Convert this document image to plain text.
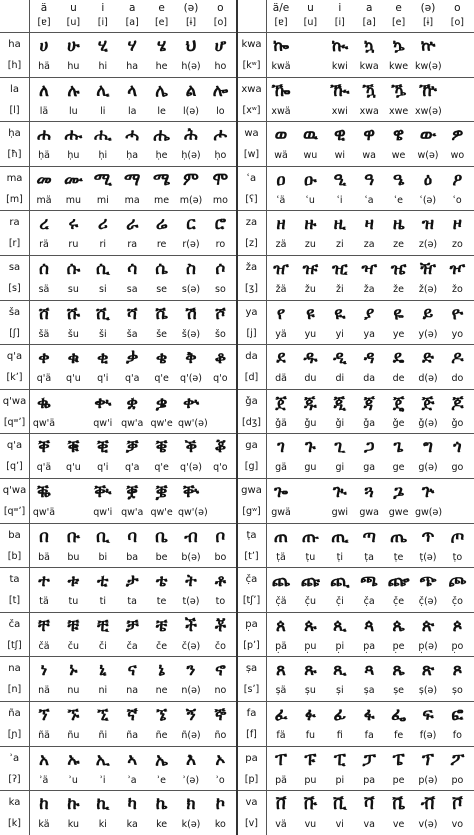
ä
[ɐ]
u
[u]
i
[i]
a
[a]
e
[e]
(ə)
[ɨ]
o
[o]
ha
[h]
ሀ
hä
ሁ
hu
ሂ
hi
ሃ
ha
ሄ
he
ህ
h(ə)
ሆ
ho
la
[l]
ለ
lä
ሉ
lu
ሊ
li
ላ
la
ሌ
le
ል
l(ə)
ሎ
lo
ḥa
[ħ]
ሐ
ḥä
ሑ
ḥu
ሒ
ḥi
ሓ
ḥa
ሔ
ḥe
ሕ
ḥ(ə)
ሖ
ḥo
ma
[m]
መ
mä
ሙ
mu
ሚ
mi
ማ
ma
ሜ
me
ም
m(ə)
ሞ
mo
ra
[r]
ረ
rä
ሩ
ru
ሪ
ri
ራ
ra
ሬ
re
ር
r(ə)
ሮ
ro
sa
[s]
ሰ
sä
ሱ
su
ሲ
si
ሳ
sa
ሴ
se
ስ
s(ə)
ሶ
so
ša
[ʃ]
ሸ
šä
ሹ
šu
ሺ
ši
ሻ
ša
ሼ
še
ሽ
š(ə)
ሾ
šo
q'a
[kʼ]
ቀ
q'ä
ቁ
q'u
ቂ
q'i
ቃ
q'a
ቄ
q'e
ቅ
q'(ə)
ቆ
q'o
q'wa
[qʷʼ]
ቈ
qw'ä
ቊ
qw'i
ቋ
qw'a
ቌ
qw'e
ቍ
qw'(ə)
q'a
[qʼ]
ቐ
q'ä
ቑ
q'u
ቒ
q'i
ቓ
q'a
ቔ
q'e
ቕ
q'(ə)
ቖ
q'o
q'wa
[qʷʼ]
ቘ
qw'ä
ቚ
qw'i
ቛ
qw'a
ቜ
qw'e
ቝ
qw'(ə)
ba
[b]
በ
bä
ቡ
bu
ቢ
bi
ባ
ba
ቤ
be
ብ
b(ə)
ቦ
bo
ta
[t]
ተ
tä
ቱ
tu
ቲ
ti
ታ
ta
ቴ
te
ት
t(ə)
ቶ
to
ča
[tʃ]
ቸ
čä
ቹ
ču
ቺ
či
ቻ
ča
ቼ
če
ች
č(ə)
ቾ
čo
na
[n]
ነ
nä
ኑ
nu
ኒ
ni
ና
na
ኔ
ne
ን
n(ə)
ኖ
no
ña
[ɲ]
ኘ
ñä
ኙ
ñu
ኚ
ñi
ኛ
ña
ኜ
ñe
ኝ
ñ(ə)
ኞ
ño
ʾa
[ʔ]
አ
ʾä
ኡ
ʾu
ኢ
ʾi
ኣ
ʾa
ኤ
ʾe
እ
ʾ(ə)
ኦ
ʾo
ka
[k]
ከ
kä
ኩ
ku
ኪ
ki
ካ
ka
ኬ
ke
ክ
k(ə)
ኮ
ko
ä/e
[ɐ]
u
[u]
i
[i]
a
[a]
e
[e]
(ə)
[ɨ]
o
[o]
kwa
[kʷ]
ኰ
kwä
ኲ
kwi
ኳ
kwa
ኴ
kwe
ኵ
kw(ə)
xwa
[xʷ]
ዀ
xwä
ዂ
xwi
ዃ
xwa
ዄ
xwe
ዅ
xw(ə)
wa
[w]
ወ
wä
ዉ
wu
ዊ
wi
ዋ
wa
ዌ
we
ው
w(ə)
ዎ
wo
ʿa
[ʕ]
ዐ
ʿä
ዑ
ʿu
ዒ
ʿi
ዓ
ʿa
ዔ
ʿe
ዕ
ʿ(ə)
ዖ
ʿo
za
[z]
ዘ
zä
ዙ
zu
ዚ
zi
ዛ
za
ዜ
ze
ዝ
z(ə)
ዞ
zo
ža
[ʒ]
ዠ
žä
ዡ
žu
ዢ
ži
ዣ
ža
ዤ
že
ዥ
ž(ə)
ዦ
žo
ya
[j]
የ
yä
ዩ
yu
ዪ
yi
ያ
ya
ዬ
ye
ይ
y(ə)
ዮ
yo
da
[d]
ደ
dä
ዱ
du
ዲ
di
ዳ
da
ዴ
de
ድ
d(ə)
ዶ
do
ǧa
[dʒ]
ጀ
ǧä
ጁ
ǧu
ጂ
ǧi
ጃ
ǧa
ጄ
ǧe
ጅ
ǧ(ə)
ጆ
ǧo
ga
[g]
ገ
gä
ጉ
gu
ጊ
gi
ጋ
ga
ጌ
ge
ግ
g(ə)
ጎ
go
gwa
[gʷ]
ጐ
gwä
ጒ
gwi
ጓ
gwa
ጔ
gwe
ጕ
gw(ə)
ṭa
[tʼ]
ጠ
ṭä
ጡ
ṭu
ጢ
ṭi
ጣ
ṭa
ጤ
ṭe
ጥ
ṭ(ə)
ጦ
ṭo
č̣a
[tʃʼ]
ጨ
č̣ä
ጩ
č̣u
ጪ
č̣i
ጫ
č̣a
ጬ
č̣e
ጭ
č̣(ə)
ጮ
č̣o
p̣a
[pʼ]
ጰ
p̣ä
ጱ
p̣u
ጲ
p̣i
ጳ
p̣a
ጴ
p̣e
ጵ
p̣(ə)
ጶ
p̣o
ṣa
[sʼ]
ጸ
ṣä
ጹ
ṣu
ጺ
ṣi
ጻ
ṣa
ጼ
ṣe
ጽ
ṣ(ə)
ጾ
ṣo
fa
[f]
ፈ
fä
ፉ
fu
ፊ
fi
ፋ
fa
ፌ
fe
ፍ
f(ə)
ፎ
fo
pa
[p]
ፐ
pä
ፑ
pu
ፒ
pi
ፓ
pa
ፔ
pe
ፕ
p(ə)
ፖ
po
va
[v]
ቨ
vä
ቩ
vu
ቪ
vi
ቫ
va
ቬ
ve
ቭ
v(ə)
ቮ
vo
